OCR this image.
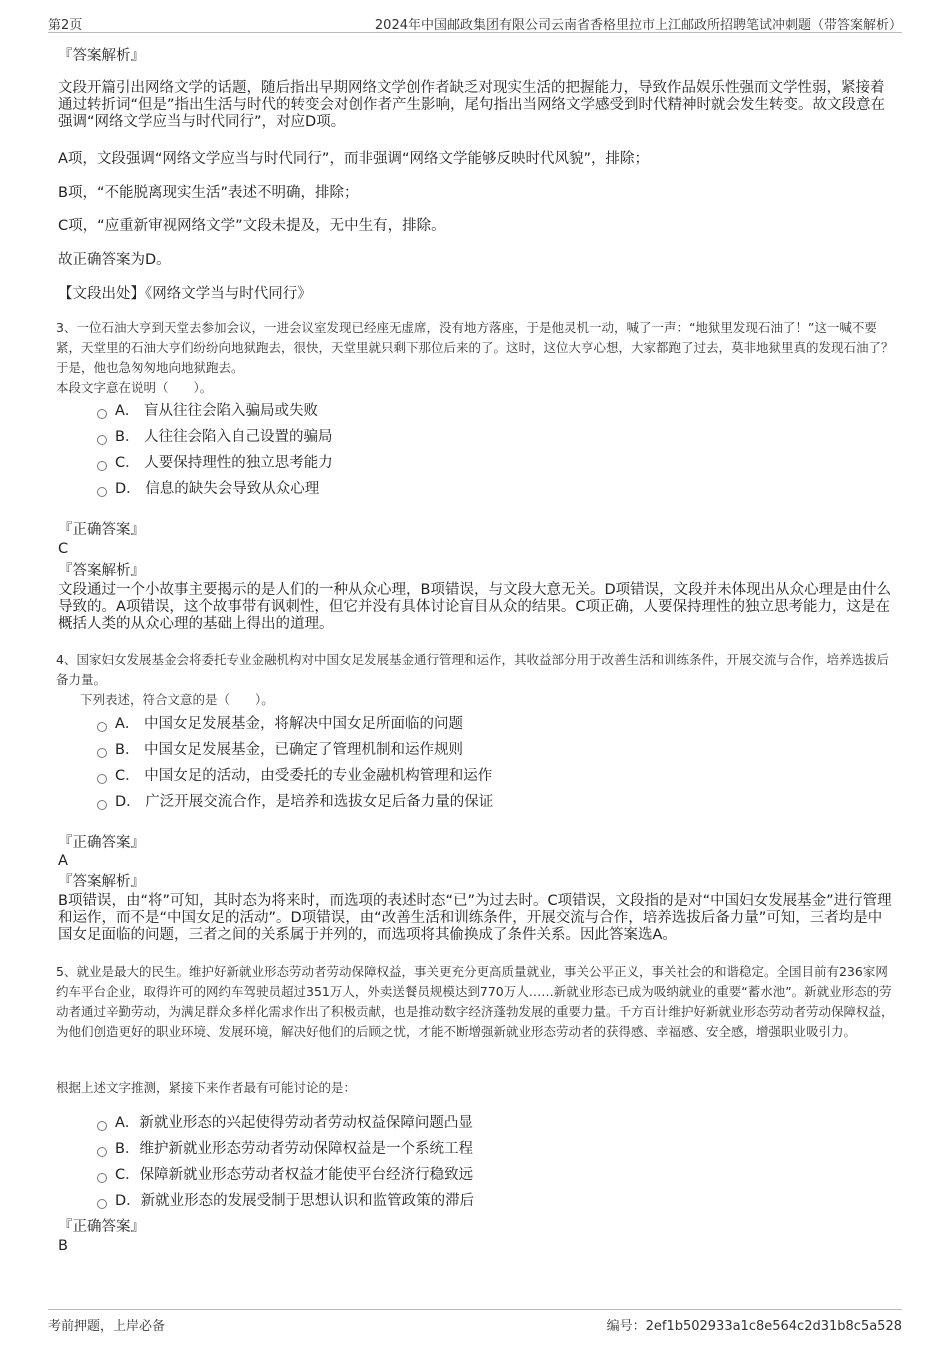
第2页	2024年中国邮政集团有限公司云南省香格里拉市上江邮政所招聘笔试冲刺题（带答案解析）
『答案解析』
文段开篇引出网络文学的话题，随后指出早期网络文学创作者缺乏对现实生活的把握能力，导致作品娱乐性强而文学性弱，紧接着通过转折词“但是”指出生活与时代的转变会对创作者产生影响，尾句指出当网络文学感受到时代精神时就会发生转变。故文段意在强调“网络文学应当与时代同行”，对应D项。
A项，文段强调“网络文学应当与时代同行”，而非强调“网络文学能够反映时代风貌”，排除；
B项，“不能脱离现实生活”表述不明确，排除；
C项，“应重新审视网络文学”文段未提及，无中生有，排除。
故正确答案为D。
【文段出处】《网络文学当与时代同行》
3、一位石油大亨到天堂去参加会议，一进会议室发现已经座无虚席，没有地方落座，于是他灵机一动，喊了一声：“地狱里发现石油了！”这一喊不要紧，天堂里的石油大亨们纷纷向地狱跑去，很快，天堂里就只剩下那位后来的了。这时，这位大亨心想，大家都跑了过去，莫非地狱里真的发现石油了？于是，他也急匆匆地向地狱跑去。
本段文字意在说明（　　）。
A． 盲从往往会陷入骗局或失败
B． 人往往会陷入自己设置的骗局
C． 人要保持理性的独立思考能力
D． 信息的缺失会导致从众心理
『正确答案』
C
『答案解析』
文段通过一个小故事主要揭示的是人们的一种从众心理，B项错误，与文段大意无关。D项错误，文段并未体现出从众心理是由什么导致的。A项错误，这个故事带有讽刺性，但它并没有具体讨论盲目从众的结果。C项正确，人要保持理性的独立思考能力，这是在概括人类的从众心理的基础上得出的道理。
4、国家妇女发展基金会将委托专业金融机构对中国女足发展基金通行管理和运作，其收益部分用于改善生活和训练条件，开展交流与合作，培养选拔后备力量。
下列表述，符合文意的是（　　）。
A． 中国女足发展基金，将解决中国女足所面临的问题
B． 中国女足发展基金，已确定了管理机制和运作规则
C． 中国女足的活动，由受委托的专业金融机构管理和运作
D． 广泛开展交流合作，是培养和选拔女足后备力量的保证
『正确答案』
A
『答案解析』
B项错误，由“将”可知，其时态为将来时，而选项的表述时态“已”为过去时。C项错误，文段指的是对“中国妇女发展基金”进行管理和运作，而不是“中国女足的活动”。D项错误，由“改善生活和训练条件，开展交流与合作，培养选拔后备力量”可知，三者均是中国女足面临的问题，三者之间的关系属于并列的，而选项将其偷换成了条件关系。因此答案选A。
5、就业是最大的民生。维护好新就业形态劳动者劳动保障权益，事关更充分更高质量就业，事关公平正义，事关社会的和谐稳定。全国目前有236家网约车平台企业，取得许可的网约车驾驶员超过351万人，外卖送餐员规模达到770万人……新就业形态已成为吸纳就业的重要“蓄水池”。新就业形态的劳动者通过辛勤劳动，为满足群众多样化需求作出了积极贡献，也是推动数字经济蓬勃发展的重要力量。千方百计维护好新就业形态劳动者劳动保障权益，为他们创造更好的职业环境、发展环境，解决好他们的后顾之忧，才能不断增强新就业形态劳动者的获得感、幸福感、安全感，增强职业吸引力。
根据上述文字推测，紧接下来作者最有可能讨论的是：
A．新就业形态的兴起使得劳动者劳动权益保障问题凸显
B．维护新就业形态劳动者劳动保障权益是一个系统工程
C．保障新就业形态劳动者权益才能使平台经济行稳致远
D．新就业形态的发展受制于思想认识和监管政策的滞后
『正确答案』
B
考前押题，上岸必备	编号：2ef1b502933a1c8e564c2d31b8c5a528
